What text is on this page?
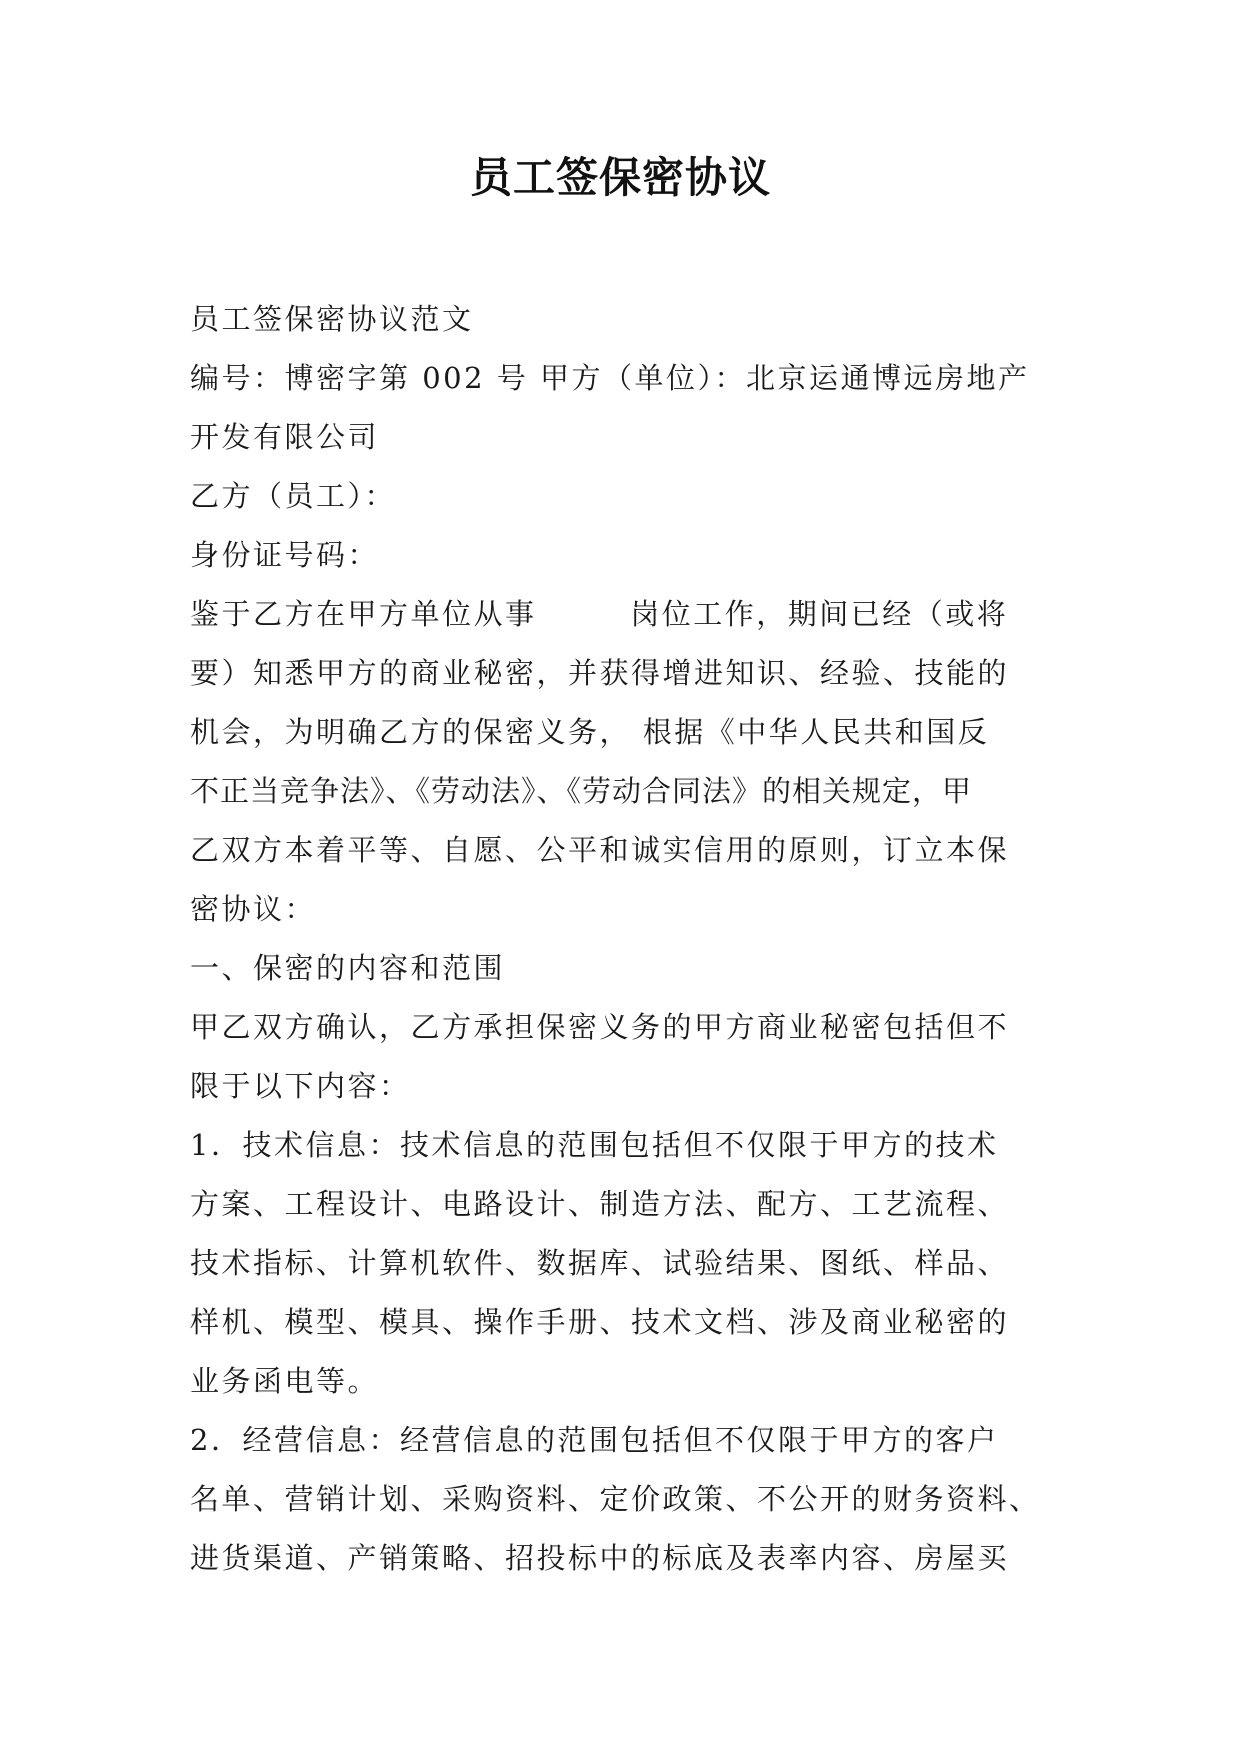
员工签保密协议
员工签保密协议范文
编号：博密字第 002 号 甲方（单位）：北京运通博远房地产
开发有限公司
乙方（员工）：
身份证号码：
鉴于乙方在甲方单位从事        岗位工作，期间已经（或将
要）知悉甲方的商业秘密，并获得增进知识、经验、技能的
机会，为明确乙方的保密义务， 根据《中华人民共和国反
不正当竞争法》、《劳动法》、《劳动合同法》的相关规定，甲
乙双方本着平等、自愿、公平和诚实信用的原则，订立本保
密协议：
一、保密的内容和范围
甲乙双方确认，乙方承担保密义务的甲方商业秘密包括但不
限于以下内容：
1．技术信息：技术信息的范围包括但不仅限于甲方的技术
方案、工程设计、电路设计、制造方法、配方、工艺流程、
技术指标、计算机软件、数据库、试验结果、图纸、样品、
样机、模型、模具、操作手册、技术文档、涉及商业秘密的
业务函电等。
2．经营信息：经营信息的范围包括但不仅限于甲方的客户
名单、营销计划、采购资料、定价政策、不公开的财务资料、
进货渠道、产销策略、招投标中的标底及表率内容、房屋买
